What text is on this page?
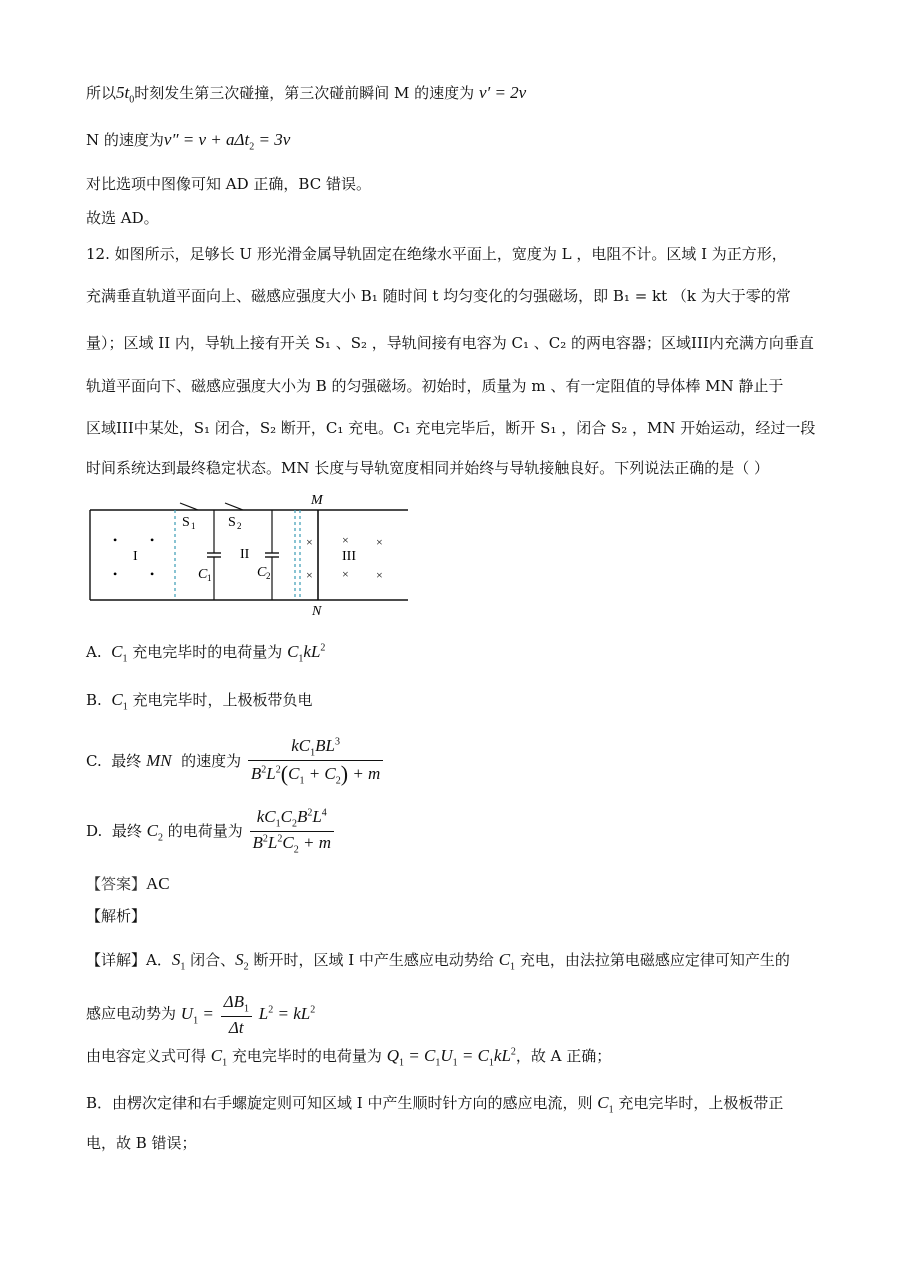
所以$5t_0$时刻发生第三次碰撞，第三次碰前瞬间 M 的速度为 v′ = 2v
N 的速度为v″ = v + aΔt$_2$ = 3v
对比选项中图像可知 AD 正确，BC 错误。
故选 AD。
12. 如图所示，足够长 U 形光滑金属导轨固定在绝缘水平面上，宽度为 L ，电阻不计。区域 I 为正方形，
充满垂直轨道平面向上、磁感应强度大小 B₁ 随时间 t 均匀变化的匀强磁场，即 B₁ = kt （k 为大于零的常
量）；区域 II 内，导轨上接有开关 S₁ 、S₂ ，导轨间接有电容为 C₁ 、C₂ 的两电容器；区域III内充满方向垂直
轨道平面向下、磁感应强度大小为 B 的匀强磁场。初始时，质量为 m 、有一定阻值的导体棒 MN 静止于
区域III中某处，S₁ 闭合，S₂ 断开，C₁ 充电。C₁ 充电完毕后，断开 S₁ ，闭合 S₂ ，MN 开始运动，经过一段
时间系统达到最终稳定状态。MN 长度与导轨宽度相同并始终与导轨接触良好。下列说法正确的是（ ）
M
N
S 1 S 2
I	II	III
C 1	C 2
•	•
•	•
× × ×
× × ×
A. $C_1$ 充电完毕时的电荷量为 $C_1kL^2$
B. $C_1$ 充电完毕时，上极板带负电
C. 最终 MN 的速度为 $\frac{kC_1BL^3}{B^2L^2(C_1 + C_2) + m}$
D. 最终 $C_2$ 的电荷量为 $\frac{kC_1C_2B^2L^4}{B^2L^2C_2 + m}$
【答案】AC
【解析】
【详解】A．$S_1$ 闭合、$S_2$ 断开时，区域 I 中产生感应电动势给 $C_1$ 充电，由法拉第电磁感应定律可知产生的
感应电动势为 $U_1 = \frac{\Delta B_1}{\Delta t} L^2 = kL^2$
由电容定义式可得 $C_1$ 充电完毕时的电荷量为 $Q_1 = C_1U_1 = C_1kL^2$，故 A 正确；
B．由楞次定律和右手螺旋定则可知区域 I 中产生顺时针方向的感应电流，则 $C_1$ 充电完毕时，上极板带正
电，故 B 错误；
